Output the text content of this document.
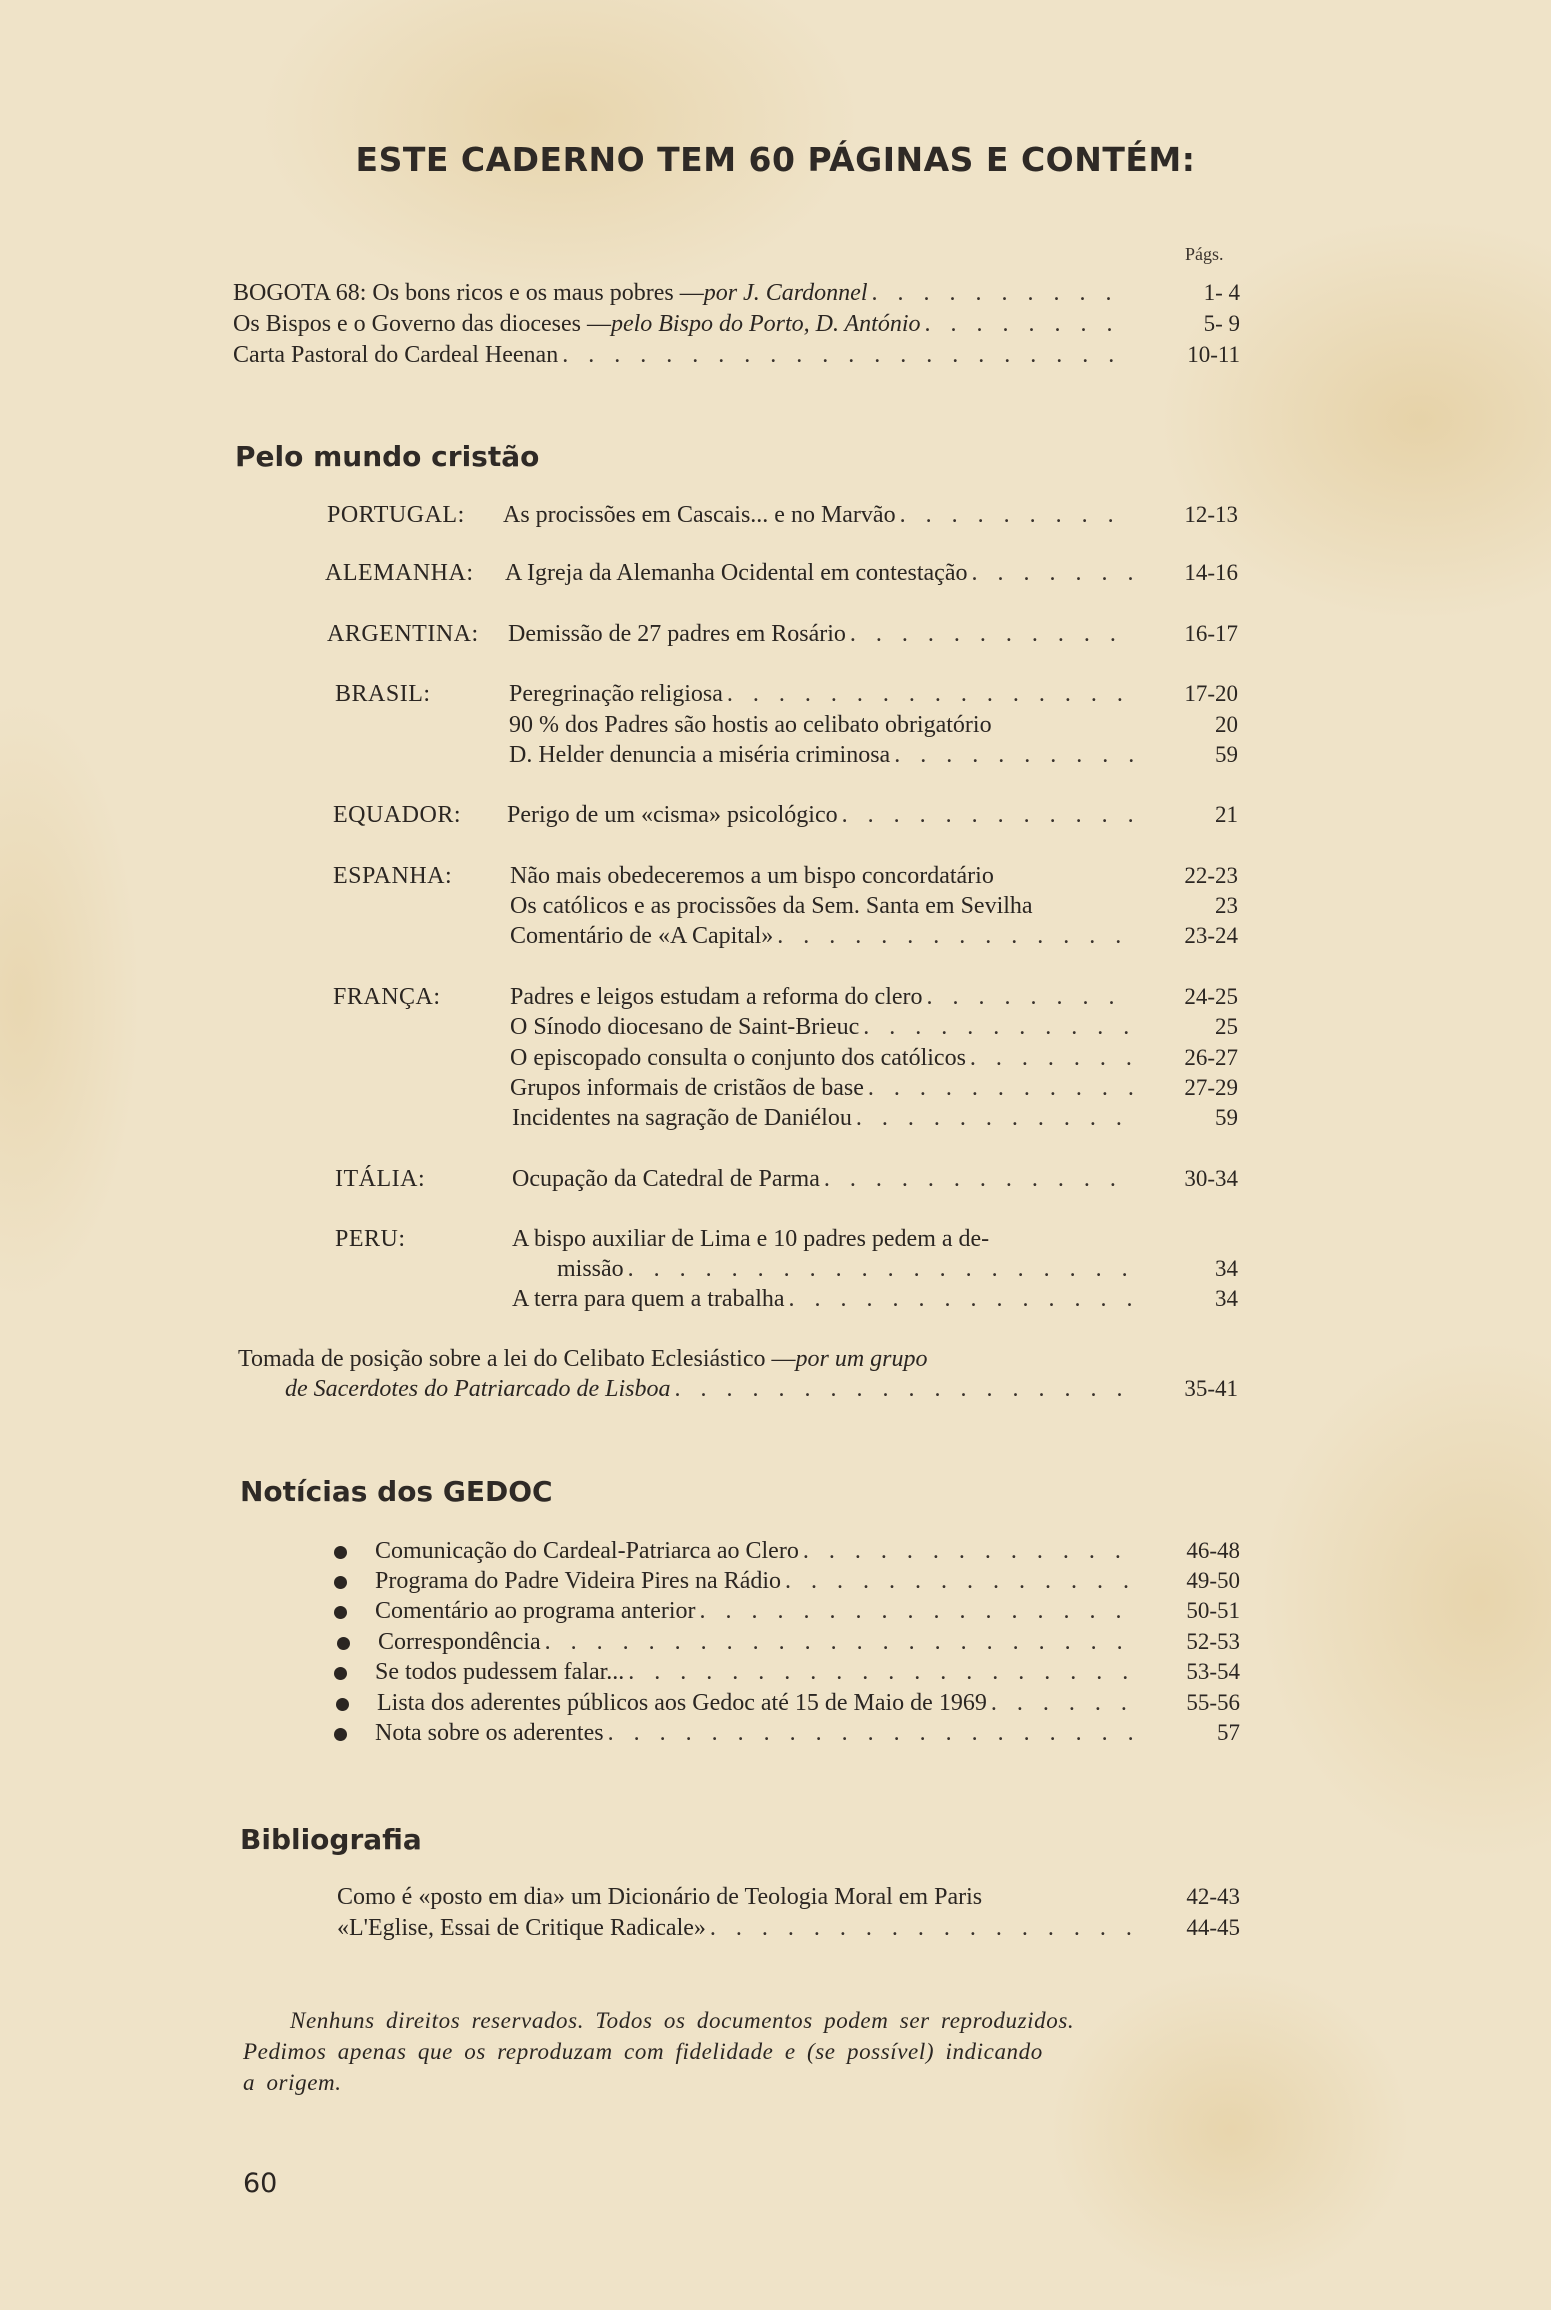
ESTE CADERNO TEM 60 PÁGINAS E CONTÉM:
Págs.
BOGOTA 68: Os bons ricos e os maus pobres — por J. Cardonnel . . .	1- 4
Os Bispos e o Governo das dioceses — pelo Bispo do Porto, D. António . . .	5- 9
Carta Pastoral do Cardeal Heenan . . .	10-11
Pelo mundo cristão
PORTUGAL: As procissões em Cascais... e no Marvão . . .	12-13
ALEMANHA: A Igreja da Alemanha Ocidental em contestação . . .	14-16
ARGENTINA: Demissão de 27 padres em Rosário . . .	16-17
BRASIL:	Peregrinação religiosa . . .	17-20
90 % dos Padres são hostis ao celibato obrigatório	20
D. Helder denuncia a miséria criminosa . . .	59
EQUADOR: Perigo de um «cisma» psicológico . . .	21
ESPANHA: Não mais obedeceremos a um bispo concordatário	22-23
Os católicos e as procissões da Sem. Santa em Sevilha	23
Comentário de «A Capital» . . .	23-24
FRANÇA:	Padres e leigos estudam a reforma do clero . . .	24-25
O Sínodo diocesano de Saint-Brieuc . . .	25
O episcopado consulta o conjunto dos católicos . . .	26-27
Grupos informais de cristãos de base . . .	27-29
Incidentes na sagração de Daniélou . . .	59
ITÁLIA:	Ocupação da Catedral de Parma . . .	30-34
PERU:	A bispo auxiliar de Lima e 10 padres pedem a de-
missão . . .	34
A terra para quem a trabalha . . .	34
Tomada de posição sobre a lei do Celibato Eclesiástico — por um grupo
de Sacerdotes do Patriarcado de Lisboa . . .	35-41
Notícias dos GEDOC
Comunicação do Cardeal-Patriarca ao Clero . . .	46-48
Programa do Padre Videira Pires na Rádio . . .	49-50
Comentário ao programa anterior . . .	50-51
Correspondência . . .	52-53
Se todos pudessem falar... . . .	53-54
Lista dos aderentes públicos aos Gedoc até 15 de Maio de 1969 . . .	55-56
Nota sobre os aderentes . . .	57
Bibliografia
Como é «posto em dia» um Dicionário de Teologia Moral em Paris	42-43
«L'Eglise, Essai de Critique Radicale» . . .	44-45
Nenhuns direitos reservados. Todos os documentos podem ser reproduzidos.
Pedimos apenas que os reproduzam com fidelidade e (se possível) indicando
a origem.
60
